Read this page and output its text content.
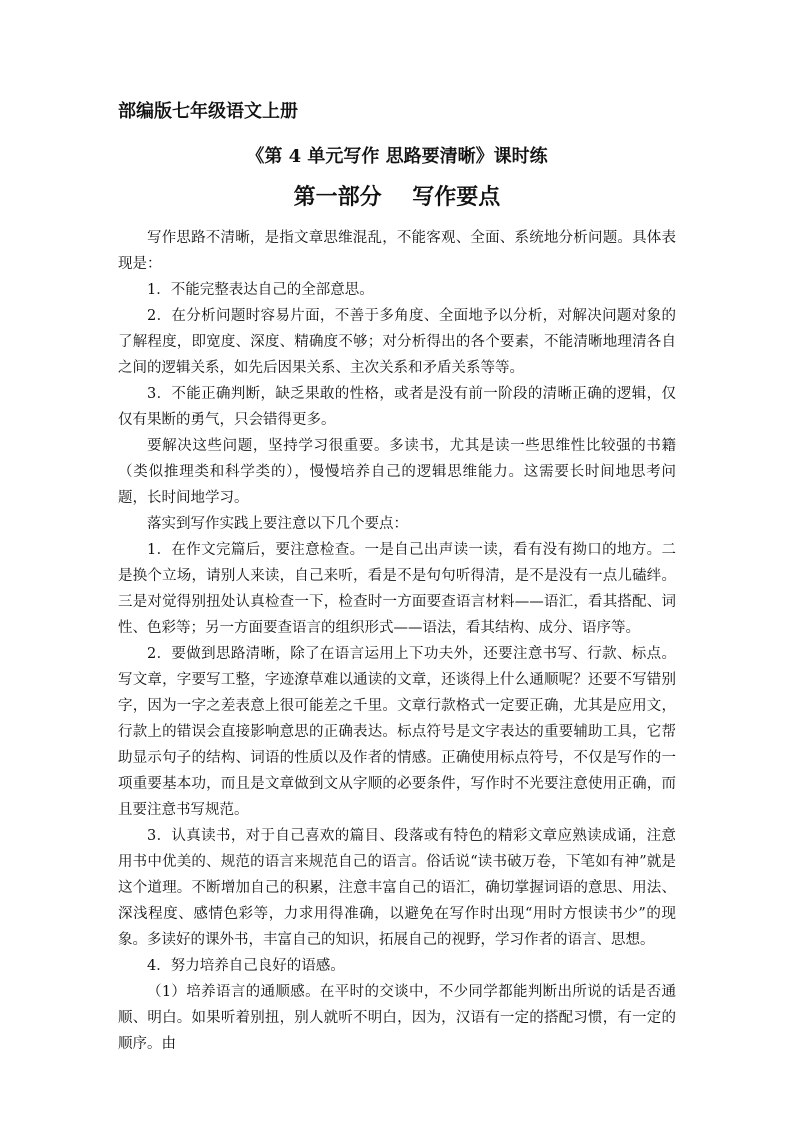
部编版七年级语文上册
《第 4 单元写作 思路要清晰》课时练
第一部分    写作要点

写作思路不清晰，是指文章思维混乱，不能客观、全面、系统地分析问题。具体表现是：

1．不能完整表达自己的全部意思。

2．在分析问题时容易片面，不善于多角度、全面地予以分析，对解决问题对象的了解程度，即宽度、深度、精确度不够；对分析得出的各个要素，不能清晰地理清各自之间的逻辑关系，如先后因果关系、主次关系和矛盾关系等等。

3．不能正确判断，缺乏果敢的性格，或者是没有前一阶段的清晰正确的逻辑，仅仅有果断的勇气，只会错得更多。

要解决这些问题，坚持学习很重要。多读书，尤其是读一些思维性比较强的书籍（类似推理类和科学类的），慢慢培养自己的逻辑思维能力。这需要长时间地思考问题，长时间地学习。

落实到写作实践上要注意以下几个要点：

1．在作文完篇后，要注意检查。一是自己出声读一读，看有没有拗口的地方。二是换个立场，请别人来读，自己来听，看是不是句句听得清，是不是没有一点儿磕绊。三是对觉得别扭处认真检查一下，检查时一方面要查语言材料——语汇，看其搭配、词性、色彩等；另一方面要查语言的组织形式——语法，看其结构、成分、语序等。

2．要做到思路清晰，除了在语言运用上下功夫外，还要注意书写、行款、标点。写文章，字要写工整，字迹潦草难以通读的文章，还谈得上什么通顺呢？还要不写错别字，因为一字之差表意上很可能差之千里。文章行款格式一定要正确，尤其是应用文，行款上的错误会直接影响意思的正确表达。标点符号是文字表达的重要辅助工具，它帮助显示句子的结构、词语的性质以及作者的情感。正确使用标点符号，不仅是写作的一项重要基本功，而且是文章做到文从字顺的必要条件，写作时不光要注意使用正确，而且要注意书写规范。

3．认真读书，对于自己喜欢的篇目、段落或有特色的精彩文章应熟读成诵，注意用书中优美的、规范的语言来规范自己的语言。俗话说“读书破万卷，下笔如有神”就是这个道理。不断增加自己的积累，注意丰富自己的语汇，确切掌握词语的意思、用法、深浅程度、感情色彩等，力求用得准确，以避免在写作时出现“用时方恨读书少”的现象。多读好的课外书，丰富自己的知识，拓展自己的视野，学习作者的语言、思想。

4．努力培养自己良好的语感。

（1）培养语言的通顺感。在平时的交谈中，不少同学都能判断出所说的话是否通顺、明白。如果听着别扭，别人就听不明白，因为，汉语有一定的搭配习惯，有一定的顺序。由
